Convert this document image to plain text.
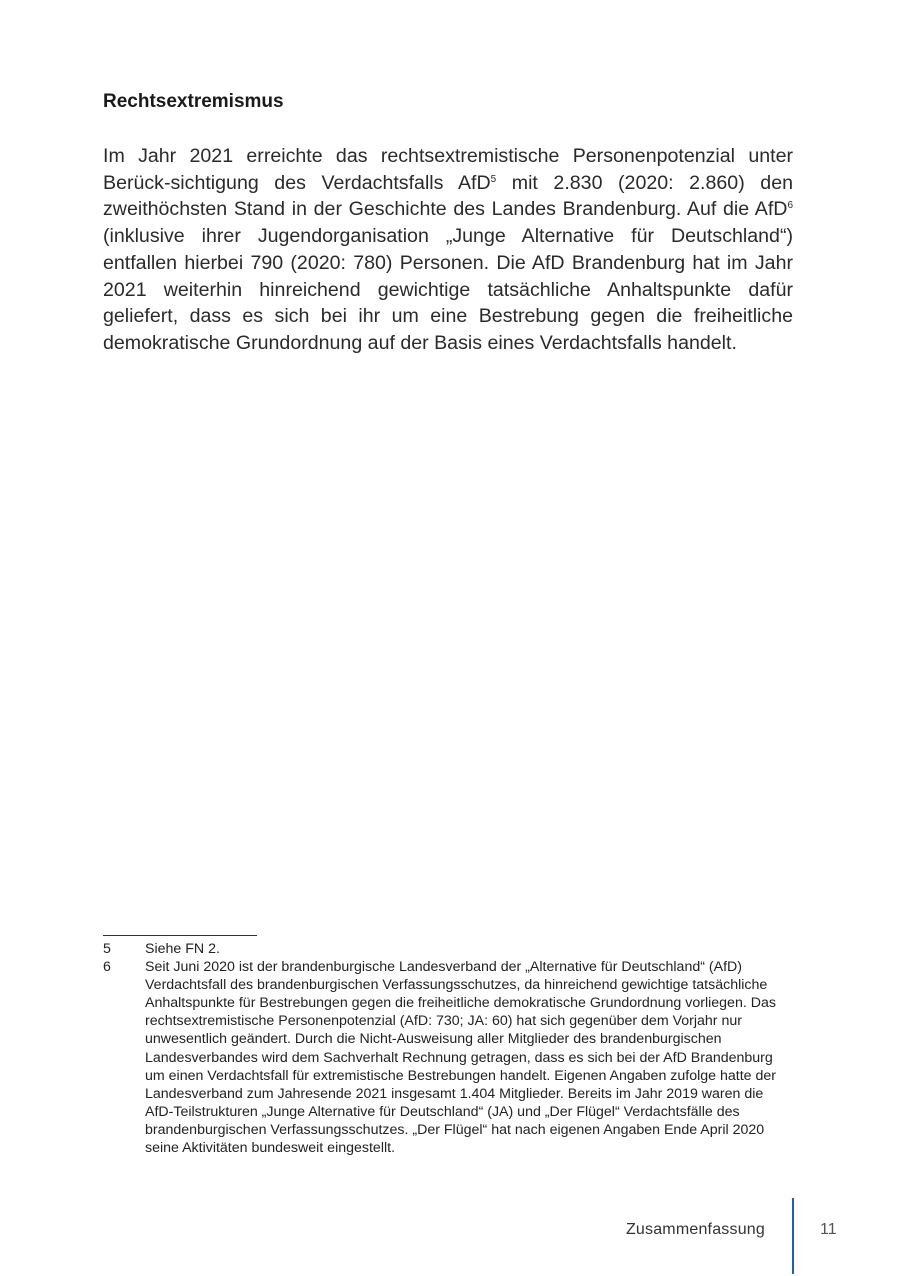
Rechtsextremismus
Im Jahr 2021 erreichte das rechtsextremistische Personenpotenzial unter Berück-sichtigung des Verdachtsfalls AfD$^5$ mit 2.830 (2020: 2.860) den zweithöchsten Stand in der Geschichte des Landes Brandenburg. Auf die AfD$^6$ (inklusive ihrer Jugendorganisation „Junge Alternative für Deutschland“) entfallen hierbei 790 (2020: 780) Personen. Die AfD Brandenburg hat im Jahr 2021 weiterhin hinreichend gewichtige tatsächliche Anhaltspunkte dafür geliefert, dass es sich bei ihr um eine Bestrebung gegen die freiheitliche demokratische Grundordnung auf der Basis eines Verdachtsfalls handelt.
5	Siehe FN 2.
6	Seit Juni 2020 ist der brandenburgische Landesverband der „Alternative für Deutschland“ (AfD) Verdachtsfall des brandenburgischen Verfassungsschutzes, da hinreichend gewichtige tatsächliche Anhaltspunkte für Bestrebungen gegen die freiheitliche demokratische Grundordnung vorliegen. Das rechtsextremistische Personenpotenzial (AfD: 730; JA: 60) hat sich gegenüber dem Vorjahr nur unwesentlich geändert. Durch die Nicht-Ausweisung aller Mitglieder des brandenburgischen Landesverbandes wird dem Sachverhalt Rechnung getragen, dass es sich bei der AfD Brandenburg um einen Verdachtsfall für extremistische Bestrebungen handelt. Eigenen Angaben zufolge hatte der Landesverband zum Jahresende 2021 insgesamt 1.404 Mitglieder. Bereits im Jahr 2019 waren die AfD-Teilstrukturen „Junge Alternative für Deutschland“ (JA) und „Der Flügel“ Verdachtsfälle des brandenburgischen Verfassungsschutzes. „Der Flügel“ hat nach eigenen Angaben Ende April 2020 seine Aktivitäten bundesweit eingestellt.
Zusammenfassung	11
